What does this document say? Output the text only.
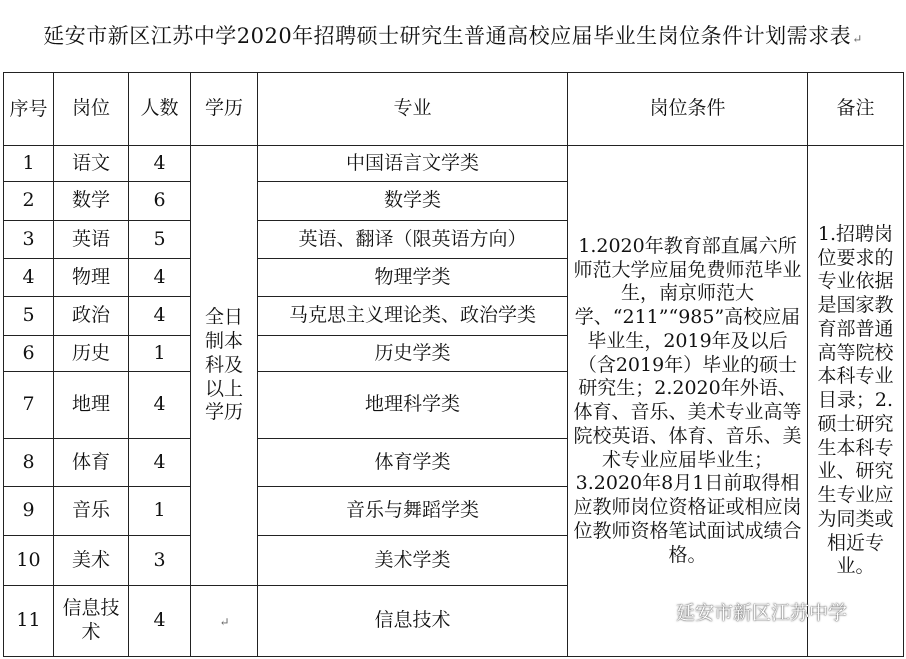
延安市新区江苏中学2020年招聘硕士研究生普通高校应届毕业生岗位条件计划需求表↵
序号	岗位	人数	学历	专业	岗位条件	备注
1	语文	4	全日制本科及以上学历	中国语言文学类	1.2020年教育部直属六所师范大学应届免费师范毕业生，南京师范大学、“211”“985”高校应届毕业生，2019年及以后（含2019年）毕业的硕士研究生；2.2020年外语、体育、音乐、美术专业高等院校英语、体育、音乐、美术专业应届毕业生；3.2020年8月1日前取得相应教师岗位资格证或相应岗位教师资格笔试面试成绩合格。	1.招聘岗位要求的专业依据是国家教育部普通高等院校本科专业目录；2.硕士研究生本科专业、研究生专业应为同类或相近专业。
2	数学	6		数学类		
3	英语	5		英语、翻译（限英语方向）		
4	物理	4		物理学类		
5	政治	4		马克思主义理论类、政治学类		
6	历史	1		历史学类		
7	地理	4		地理科学类		
8	体育	4		体育学类		
9	音乐	1		音乐与舞蹈学类		
10	美术	3		美术学类		
11	信息技术	4	↵	信息技术			延安市新区江苏中学
